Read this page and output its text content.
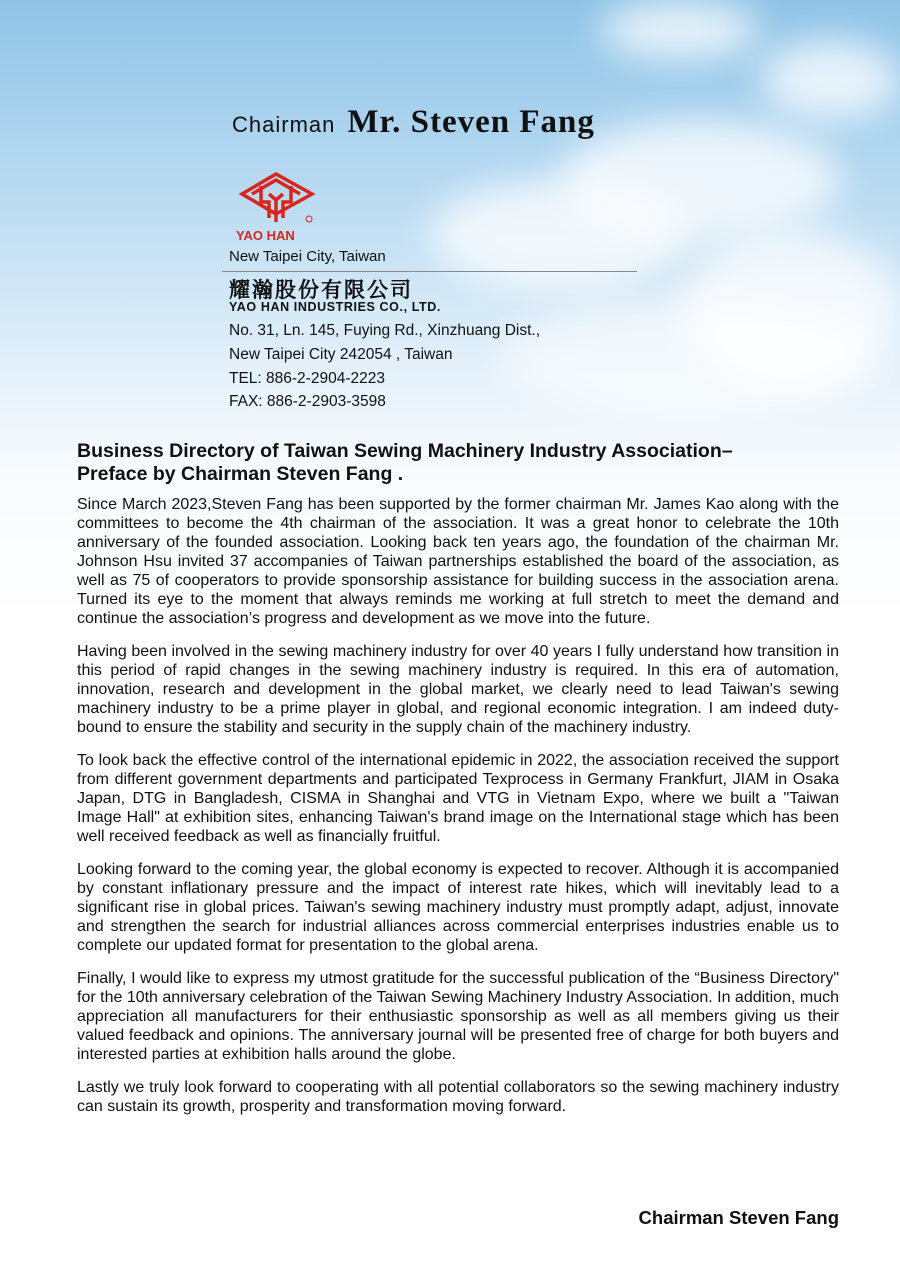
Chairman Mr. Steven Fang
YAO HAN
New Taipei City, Taiwan
耀瀚股份有限公司
YAO HAN INDUSTRIES CO., LTD.
No. 31, Ln. 145, Fuying Rd., Xinzhuang Dist.,
New Taipei City 242054 , Taiwan
TEL: 886-2-2904-2223
FAX: 886-2-2903-3598
Business Directory of Taiwan Sewing Machinery Industry Association–
Preface by Chairman Steven Fang .

Since March 2023,Steven Fang has been supported by the former chairman Mr. James Kao along with the committees to become the 4th chairman of the association. It was a great honor to celebrate the 10th anniversary of the founded association. Looking back ten years ago, the foundation of the chairman Mr. Johnson Hsu invited 37 accompanies of Taiwan partnerships established the board of the association, as well as 75 of cooperators to provide sponsorship assistance for building success in the association arena. Turned its eye to the moment that always reminds me working at full stretch to meet the demand and continue the association’s progress and development as we move into the future.

Having been involved in the sewing machinery industry for over 40 years I fully understand how transition in this period of rapid changes in the sewing machinery industry is required. In this era of automation, innovation, research and development in the global market, we clearly need to lead Taiwan's sewing machinery industry to be a prime player in global, and regional economic integration. I am indeed duty-bound to ensure the stability and security in the supply chain of the machinery industry.

To look back the effective control of the international epidemic in 2022, the association received the support from different government departments and participated Texprocess in Germany Frankfurt, JIAM in Osaka Japan, DTG in Bangladesh, CISMA in Shanghai and VTG in Vietnam Expo, where we built a "Taiwan Image Hall" at exhibition sites, enhancing Taiwan's brand image on the International stage which has been well received feedback as well as financially fruitful.

Looking forward to the coming year, the global economy is expected to recover. Although it is accompanied by constant inflationary pressure and the impact of interest rate hikes, which will inevitably lead to a significant rise in global prices. Taiwan's sewing machinery industry must promptly adapt, adjust, innovate and strengthen the search for industrial alliances across commercial enterprises industries enable us to complete our updated format for presentation to the global arena.

Finally, I would like to express my utmost gratitude for the successful publication of the “Business Directory" for the 10th anniversary celebration of the Taiwan Sewing Machinery Industry Association. In addition, much appreciation all manufacturers for their enthusiastic sponsorship as well as all members giving us their valued feedback and opinions. The anniversary journal will be presented free of charge for both buyers and interested parties at exhibition halls around the globe.

Lastly we truly look forward to cooperating with all potential collaborators so the sewing machinery industry can sustain its growth, prosperity and transformation moving forward.

Chairman Steven Fang
